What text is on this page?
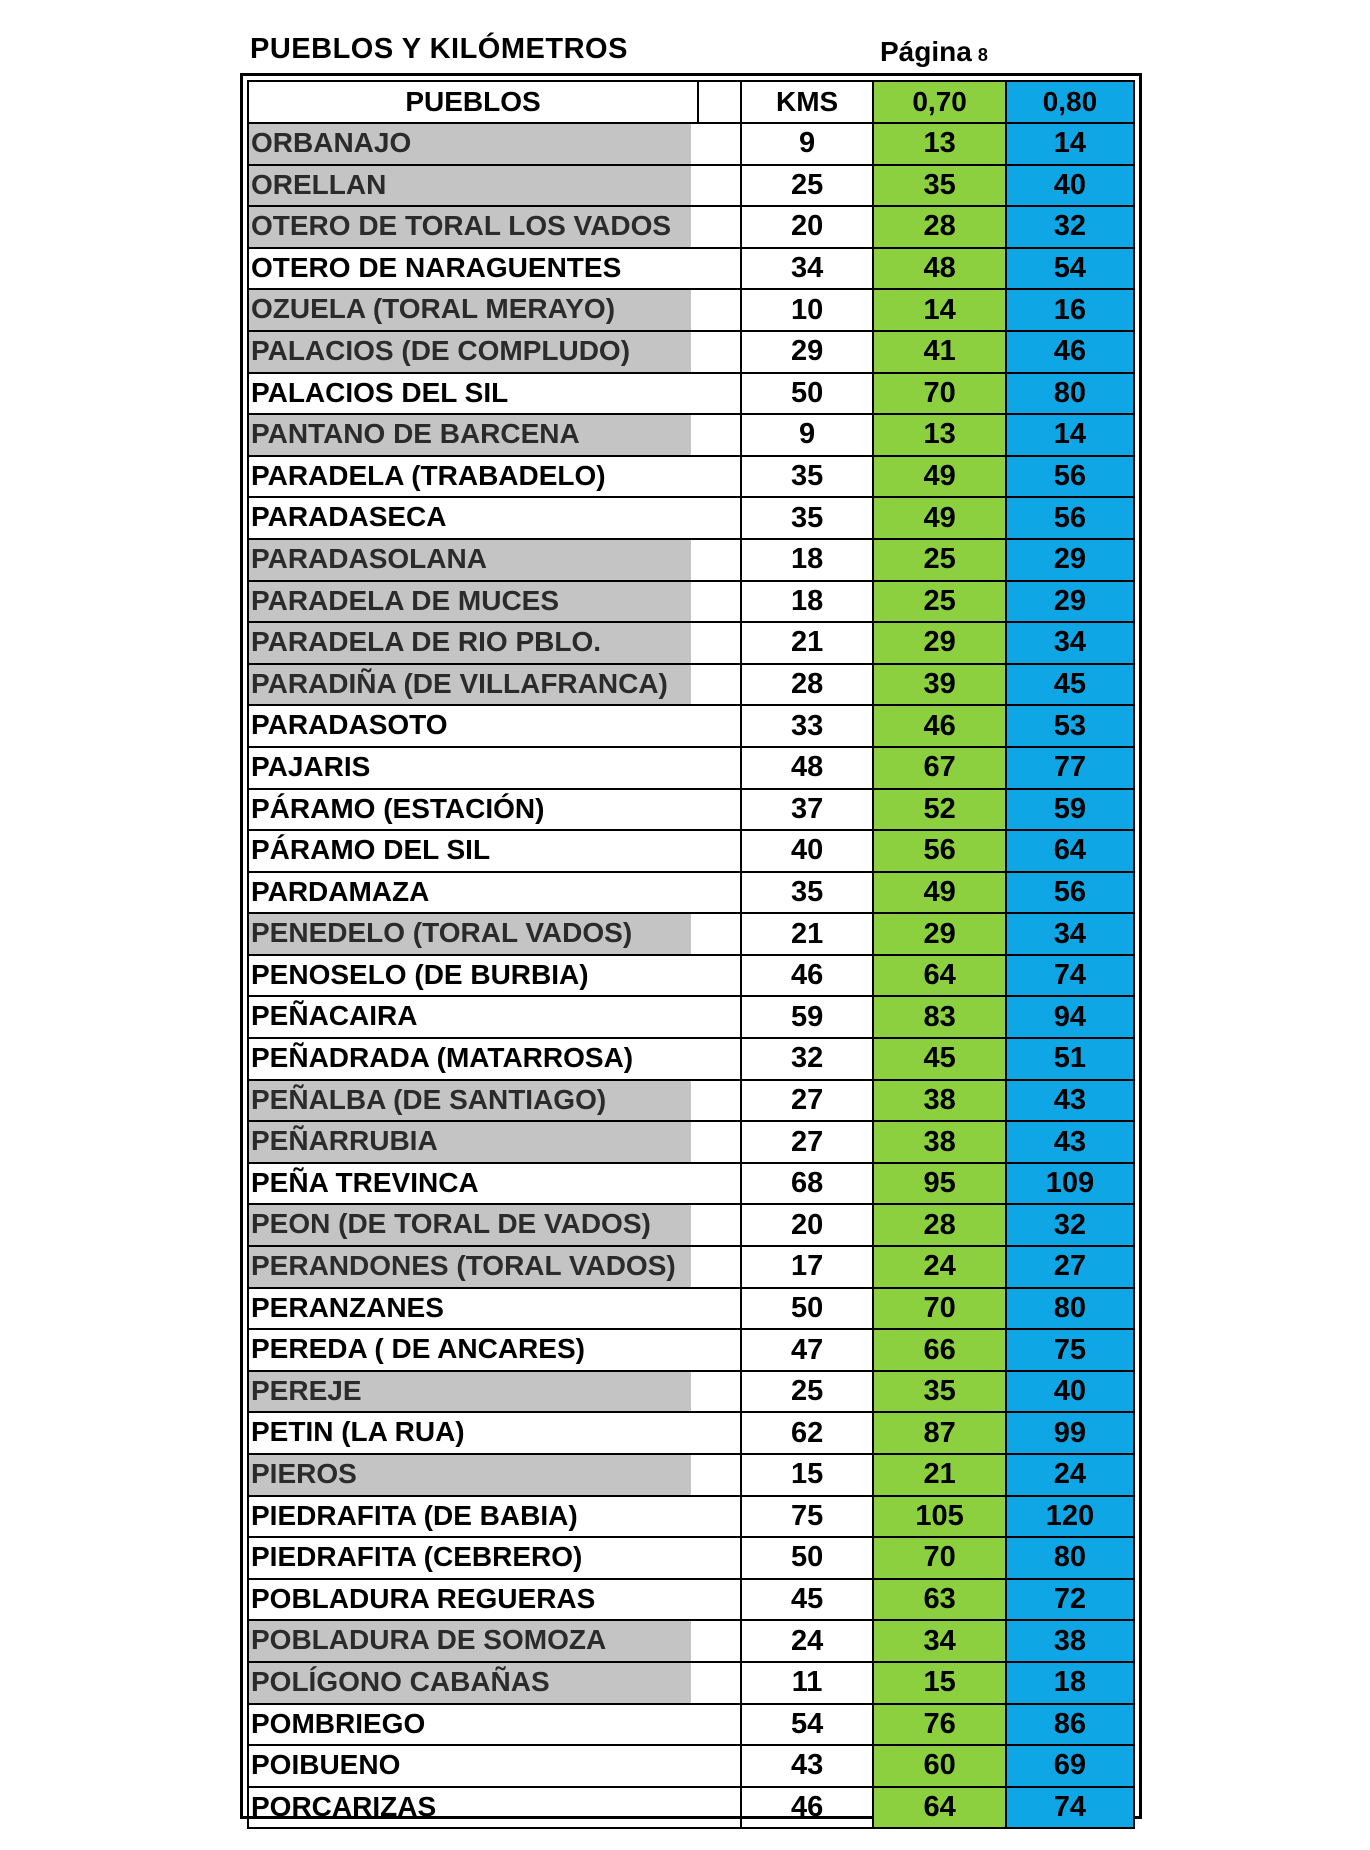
PUEBLOS Y KILÓMETROS	Página 8
PUEBLOS	KMS	0,70	0,80

ORBANAJO	9	13	14

ORELLAN	25	35	40

OTERO DE TORAL LOS VADOS	20	28	32

OTERO DE NARAGUENTES	34	48	54

OZUELA (TORAL MERAYO)	10	14	16

PALACIOS (DE COMPLUDO)	29	41	46

PALACIOS DEL SIL	50	70	80

PANTANO DE BARCENA	9	13	14

PARADELA (TRABADELO)	35	49	56

PARADASECA	35	49	56

PARADASOLANA	18	25	29

PARADELA DE MUCES	18	25	29

PARADELA DE RIO PBLO.	21	29	34

PARADIÑA (DE VILLAFRANCA)	28	39	45

PARADASOTO	33	46	53

PAJARIS	48	67	77

PÁRAMO (ESTACIÓN)	37	52	59

PÁRAMO DEL SIL	40	56	64

PARDAMAZA	35	49	56

PENEDELO (TORAL VADOS)	21	29	34

PENOSELO (DE BURBIA)	46	64	74

PEÑACAIRA	59	83	94

PEÑADRADA (MATARROSA)	32	45	51

PEÑALBA (DE SANTIAGO)	27	38	43

PEÑARRUBIA	27	38	43

PEÑA TREVINCA	68	95	109

PEON (DE TORAL DE VADOS)	20	28	32

PERANDONES (TORAL VADOS)	17	24	27

PERANZANES	50	70	80

PEREDA ( DE ANCARES)	47	66	75

PEREJE	25	35	40

PETIN (LA RUA)	62	87	99

PIEROS	15	21	24

PIEDRAFITA (DE BABIA)	75	105	120

PIEDRAFITA (CEBRERO)	50	70	80

POBLADURA REGUERAS	45	63	72

POBLADURA DE SOMOZA	24	34	38

POLÍGONO CABAÑAS	11	15	18

POMBRIEGO	54	76	86

POIBUENO	43	60	69

PORCARIZAS	46	64	74
